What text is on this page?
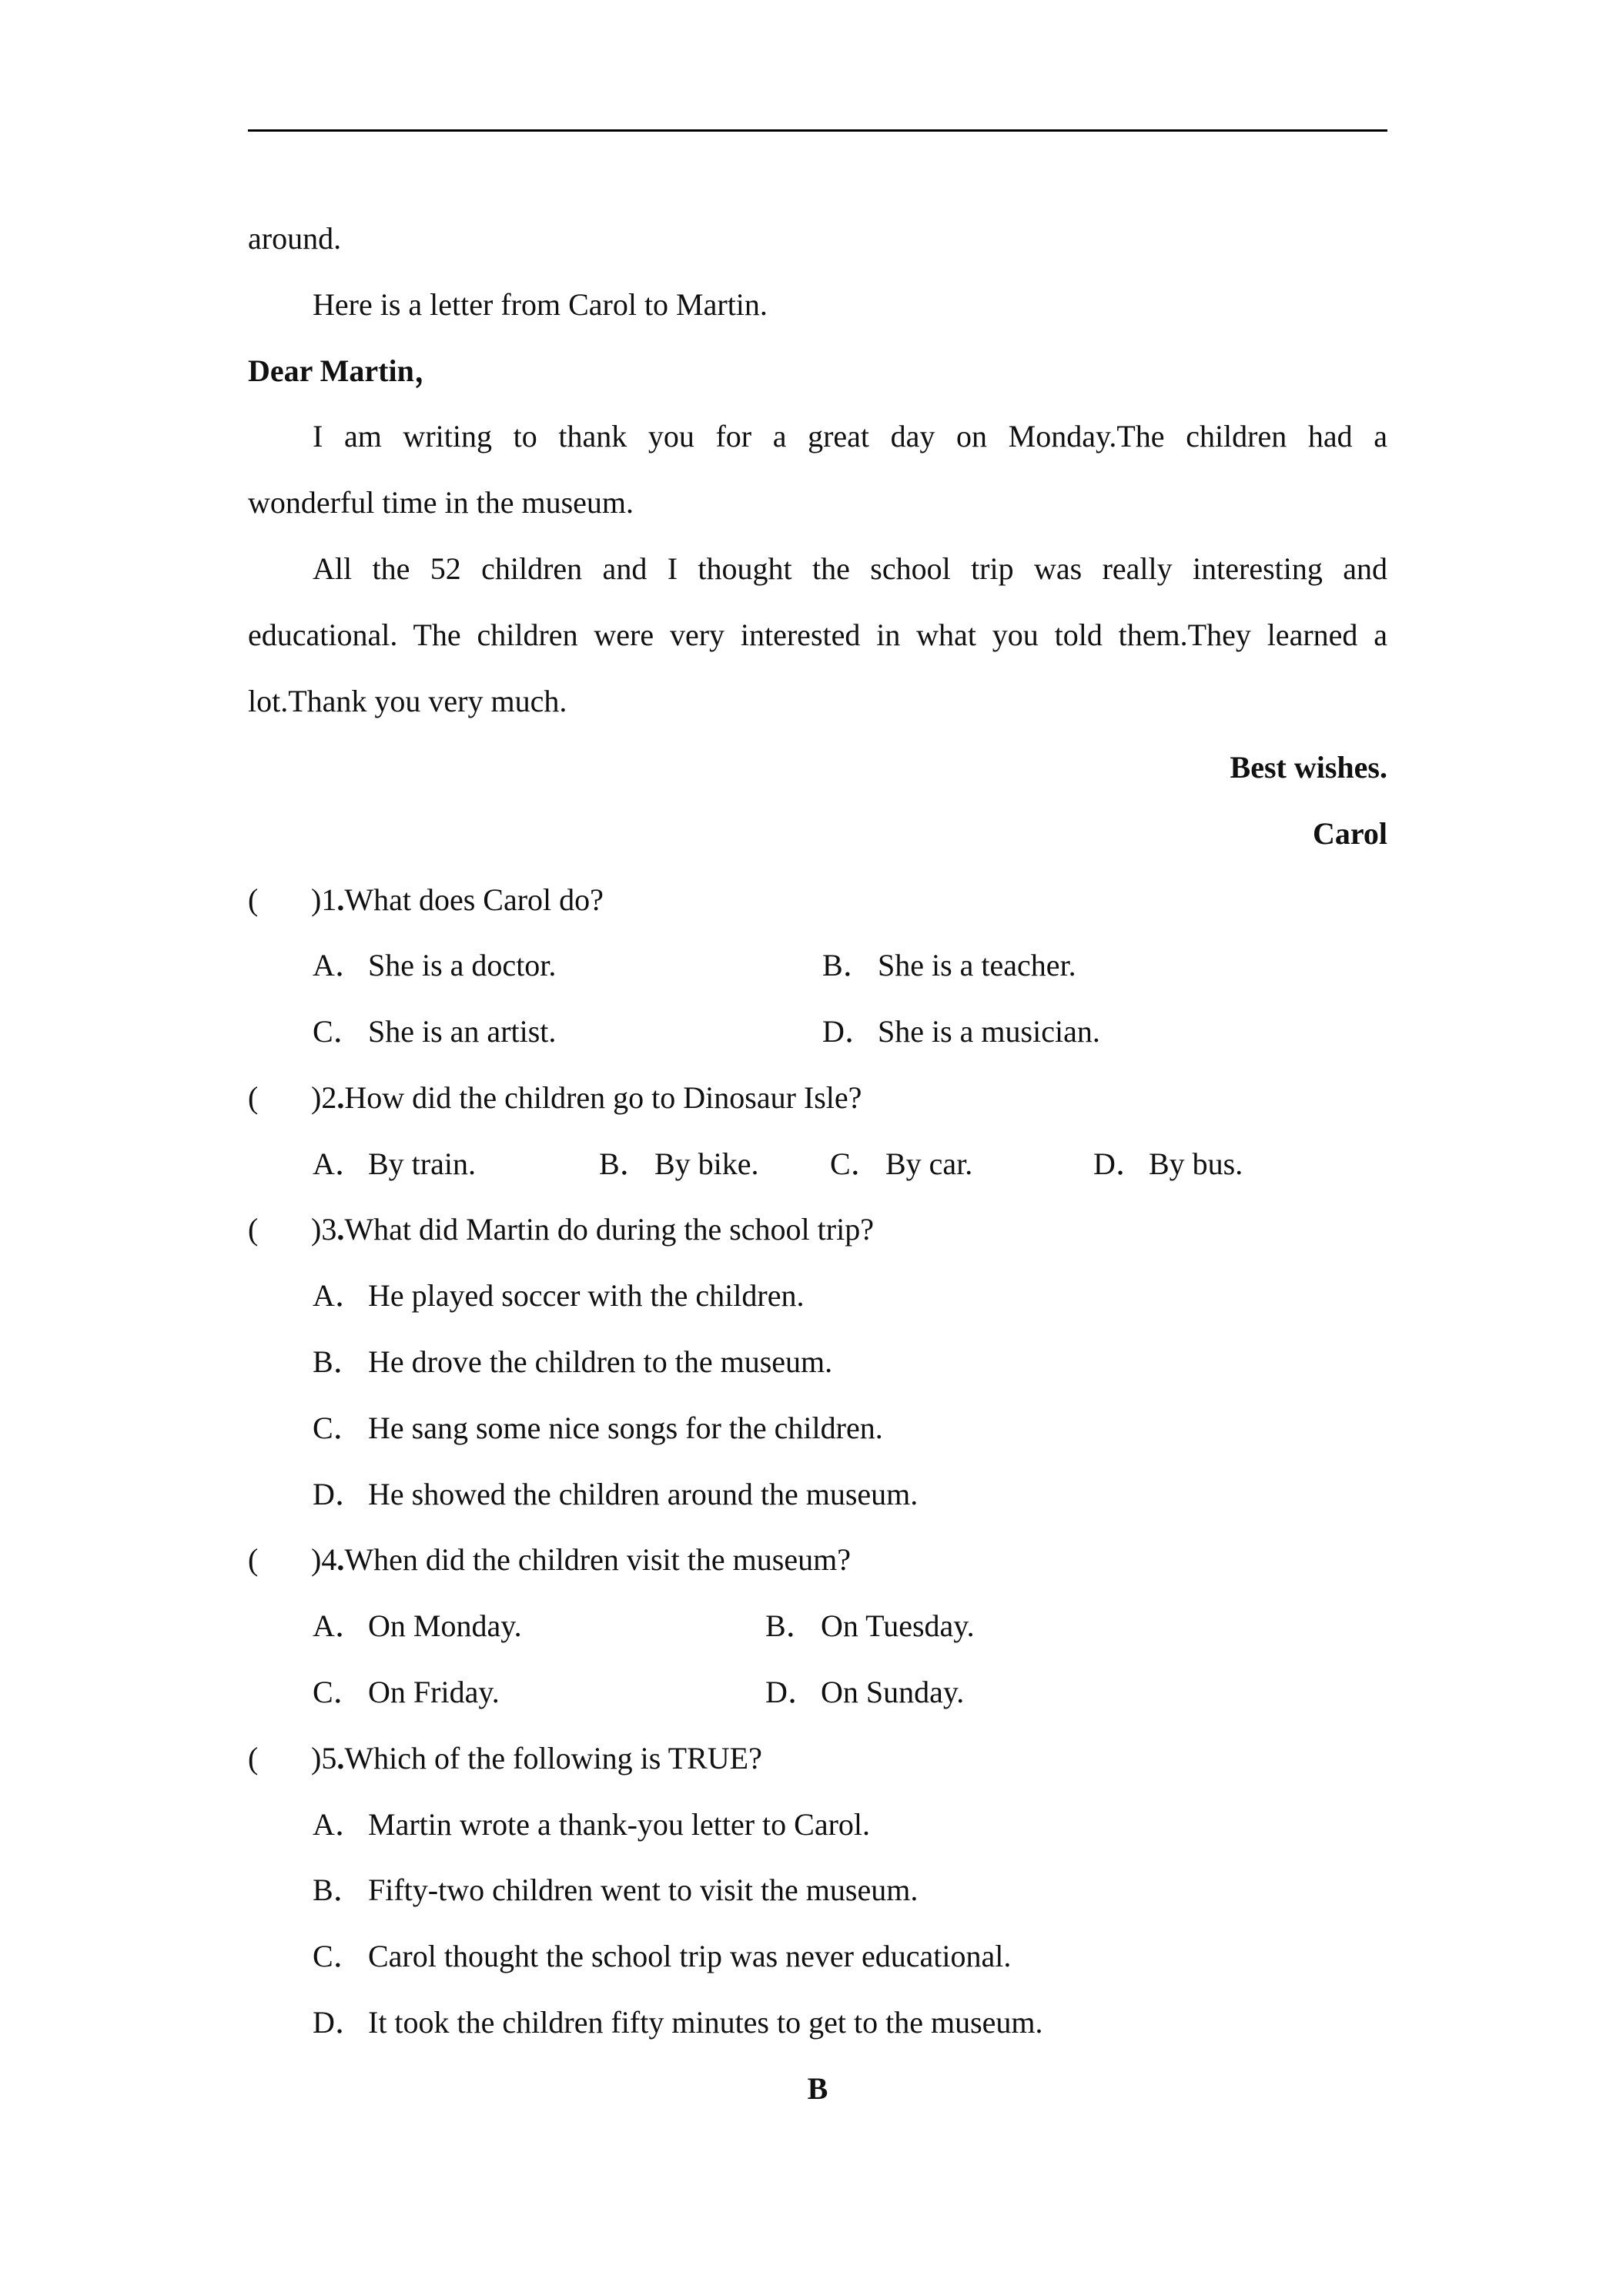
around.
Here is a letter from Carol to Martin.
Dear Martin，
I am writing to thank you for a great day on Monday.The children had a
wonderful time in the museum.
All the 52 children and I thought the school trip was really interesting and
educational. The children were very interested in what you told them.They learned a
lot.Thank you very much.
Best wishes.
Carol
( )1.What does Carol do?
A．She is a doctor.	B． She is a teacher.
C． She is an artist.	D．She is a musician.
( )2.How did the children go to Dinosaur Isle?
A．By train.	B． By bike. C． By car.	D．By bus.
( )3.What did Martin do during the school trip?
A．He played soccer with the children.
B． He drove the children to the museum.
C． He sang some nice songs for the children.
D．He showed the children around the museum.
( )4.When did the children visit the museum?
A．On Monday.	B． On Tuesday.
C． On Friday.	D．On Sunday.
( )5.Which of the following is TRUE?
A．Martin wrote a thank-you letter to Carol.
B． Fifty-two children went to visit the museum.
C． Carol thought the school trip was never educational.
D．It took the children fifty minutes to get to the museum.
B
